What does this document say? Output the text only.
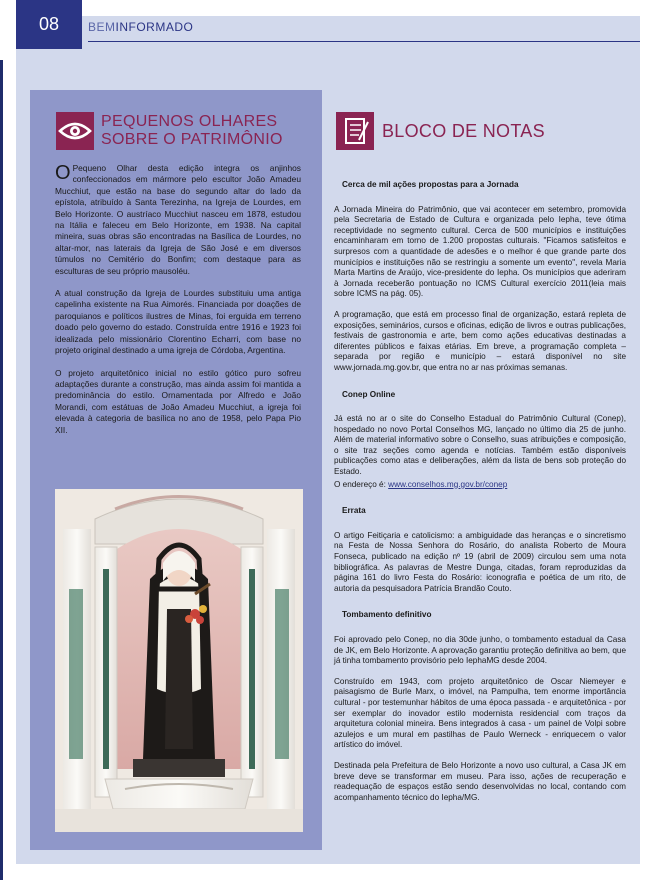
08	BEMINFORMADO
PEQUENOS OLHARES
SOBRE O PATRIMÔNIO

O Pequeno Olhar desta edição integra os anjinhos confeccionados em mármore pelo escultor João Amadeu Mucchiut, que estão na base do segundo altar do lado da epístola, atribuído à Santa Terezinha, na Igreja de Lourdes, em Belo Horizonte. O austríaco Mucchiut nasceu em 1878, estudou na Itália e faleceu em Belo Horizonte, em 1938. Na capital mineira, suas obras são encontradas na Basílica de Lourdes, no altar-mor, nas laterais da Igreja de São José e em diversos túmulos no Cemitério do Bonfim; com destaque para as esculturas de seu próprio mausoléu.

A atual construção da Igreja de Lourdes substituiu uma antiga capelinha existente na Rua Aimorés. Financiada por doações de paroquianos e políticos ilustres de Minas, foi erguida em terreno doado pelo governo do estado. Construída entre 1916 e 1923 foi idealizada pelo missionário Clorentino Echarri, com base no projeto original destinado a uma igreja de Córdoba, Argentina.

O projeto arquitetônico inicial no estilo gótico puro sofreu adaptações durante a construção, mas ainda assim foi mantida a predominância do estilo. Ornamentada por Alfredo e João Morandi, com estátuas de João Amadeu Mucchiut, a igreja foi elevada à categoria de basílica no ano de 1958, pelo Papa Pio XII.

BLOCO DE NOTAS
Cerca de mil ações propostas para a Jornada

A Jornada Mineira do Patrimônio, que vai acontecer em setembro, promovida pela Secretaria de Estado de Cultura e organizada pelo Iepha, teve ótima receptividade no segmento cultural. Cerca de 500 municípios e instituições encaminharam em torno de 1.200 propostas culturais. "Ficamos satisfeitos e surpresos com a quantidade de adesões e o melhor é que grande parte dos municípios e instituições não se restringiu a somente um evento", revela Maria Marta Martins de Araújo, vice-presidente do Iepha. Os municípios que aderiram à Jornada receberão pontuação no ICMS Cultural exercício 2011(leia mais sobre ICMS na pág. 05).

A programação, que está em processo final de organização, estará repleta de exposições, seminários, cursos e oficinas, edição de livros e outras publicações, festivais de gastronomia e arte, bem como ações educativas destinadas a diferentes públicos e faixas etárias. Em breve, a programação completa – separada por região e município – estará disponível no site www.jornada.mg.gov.br, que entra no ar nas próximas semanas.

Conep Online

Já está no ar o site do Conselho Estadual do Patrimônio Cultural (Conep), hospedado no novo Portal Conselhos MG, lançado no último dia 25 de junho. Além de material informativo sobre o Conselho, suas atribuições e composição, o site traz seções como agenda e notícias. Também estão disponíveis publicações como atas e deliberações, além da lista de bens sob proteção do Estado.

O endereço é: www.conselhos.mg.gov.br/conep

Errata

O artigo Feitiçaria e catolicismo: a ambiguidade das heranças e o sincretismo na Festa de Nossa Senhora do Rosário, do analista Roberto de Moura Fonseca, publicado na edição nº 19 (abril de 2009) circulou sem uma nota bibliográfica. As palavras de Mestre Dunga, citadas, foram reproduzidas da página 161 do livro Festa do Rosário: iconografia e poética de um rito, de autoria da pesquisadora Patrícia Brandão Couto.

Tombamento definitivo

Foi aprovado pelo Conep, no dia 30de junho, o tombamento estadual da Casa de JK, em Belo Horizonte. A aprovação garantiu proteção definitiva ao bem, que já tinha tombamento provisório pelo IephaMG desde 2004.

Construído em 1943, com projeto arquitetônico de Oscar Niemeyer e paisagismo de Burle Marx, o imóvel, na Pampulha, tem enorme importância cultural - por testemunhar hábitos de uma época passada - e arquitetônica - por ser exemplar do inovador estilo modernista residencial com traços da arquitetura colonial mineira. Bens integrados à casa - um painel de Volpi sobre azulejos e um mural em pastilhas de Paulo Werneck - enriquecem o valor artístico do imóvel.

Destinada pela Prefeitura de Belo Horizonte a novo uso cultural, a Casa JK em breve deve se transformar em museu. Para isso, ações de recuperação e readequação de espaços estão sendo desenvolvidas no local, contando com acompanhamento técnico do Iepha/MG.
